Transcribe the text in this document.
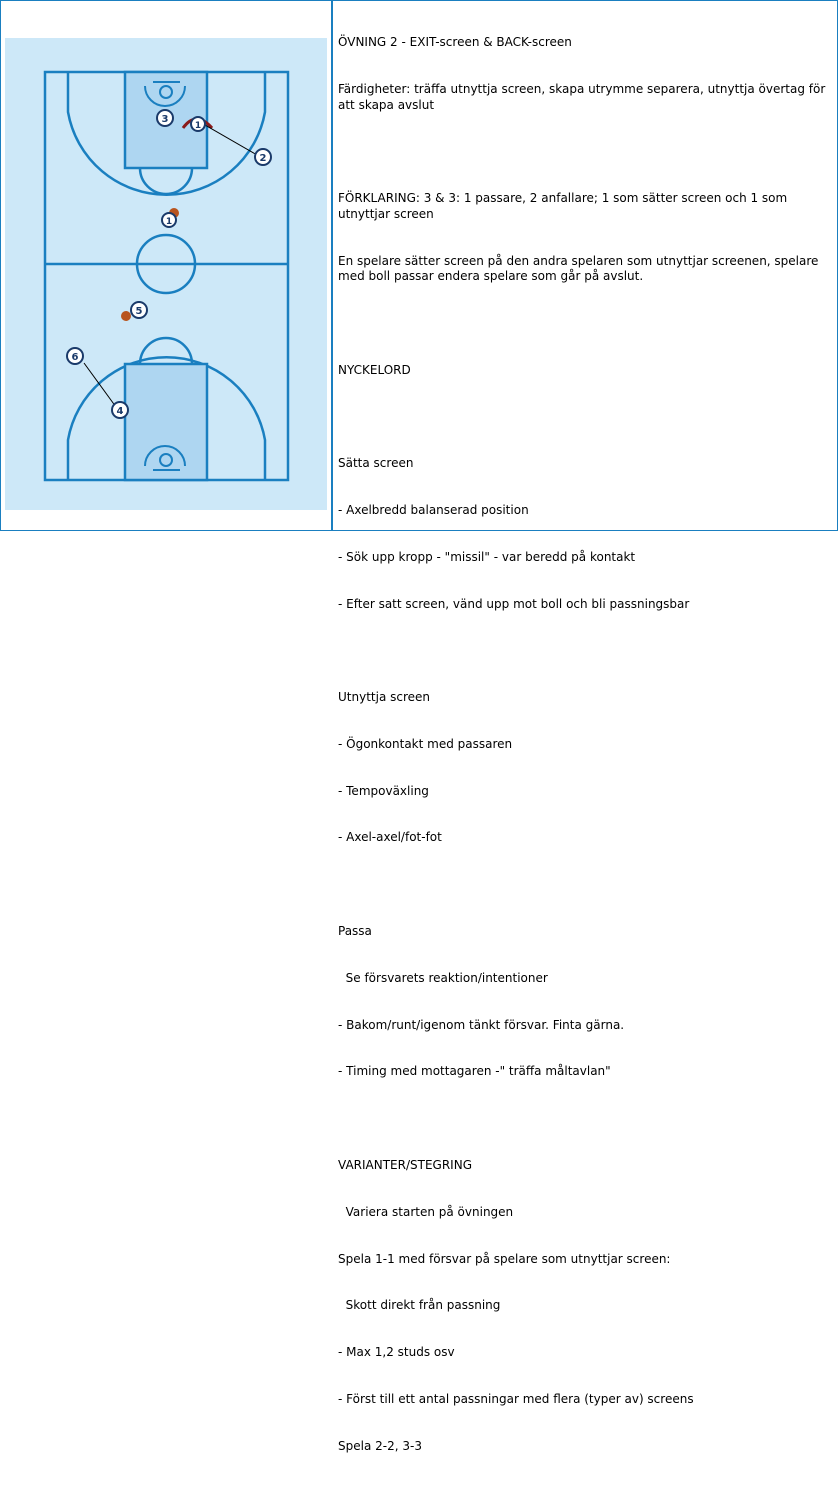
1
2
3
1
5
6
4

ÖVNING 2 - EXIT-screen & BACK-screen

Färdigheter: träffa utnyttja screen, skapa utrymme separera, utnyttja övertag för att skapa avslut

FÖRKLARING: 3 & 3: 1 passare, 2 anfallare; 1 som sätter screen och 1 som utnyttjar screen

En spelare sätter screen på den andra spelaren som utnyttjar screenen, spelare med boll passar endera spelare som går på avslut.

NYCKELORD

Sätta screen

- Axelbredd balanserad position

- Sök upp kropp - "missil" - var beredd på kontakt

- Efter satt screen, vänd upp mot boll och bli passningsbar

Utnyttja screen

- Ögonkontakt med passaren

- Tempoväxling

- Axel-axel/fot-fot

Passa

Se försvarets reaktion/intentioner

- Bakom/runt/igenom tänkt försvar. Finta gärna.

- Timing med mottagaren -" träffa måltavlan"

VARIANTER/STEGRING

Variera starten på övningen

Spela 1-1 med försvar på spelare som utnyttjar screen:

Skott direkt från passning

- Max 1,2 studs osv

- Först till ett antal passningar med flera (typer av) screens

Spela 2-2, 3-3
